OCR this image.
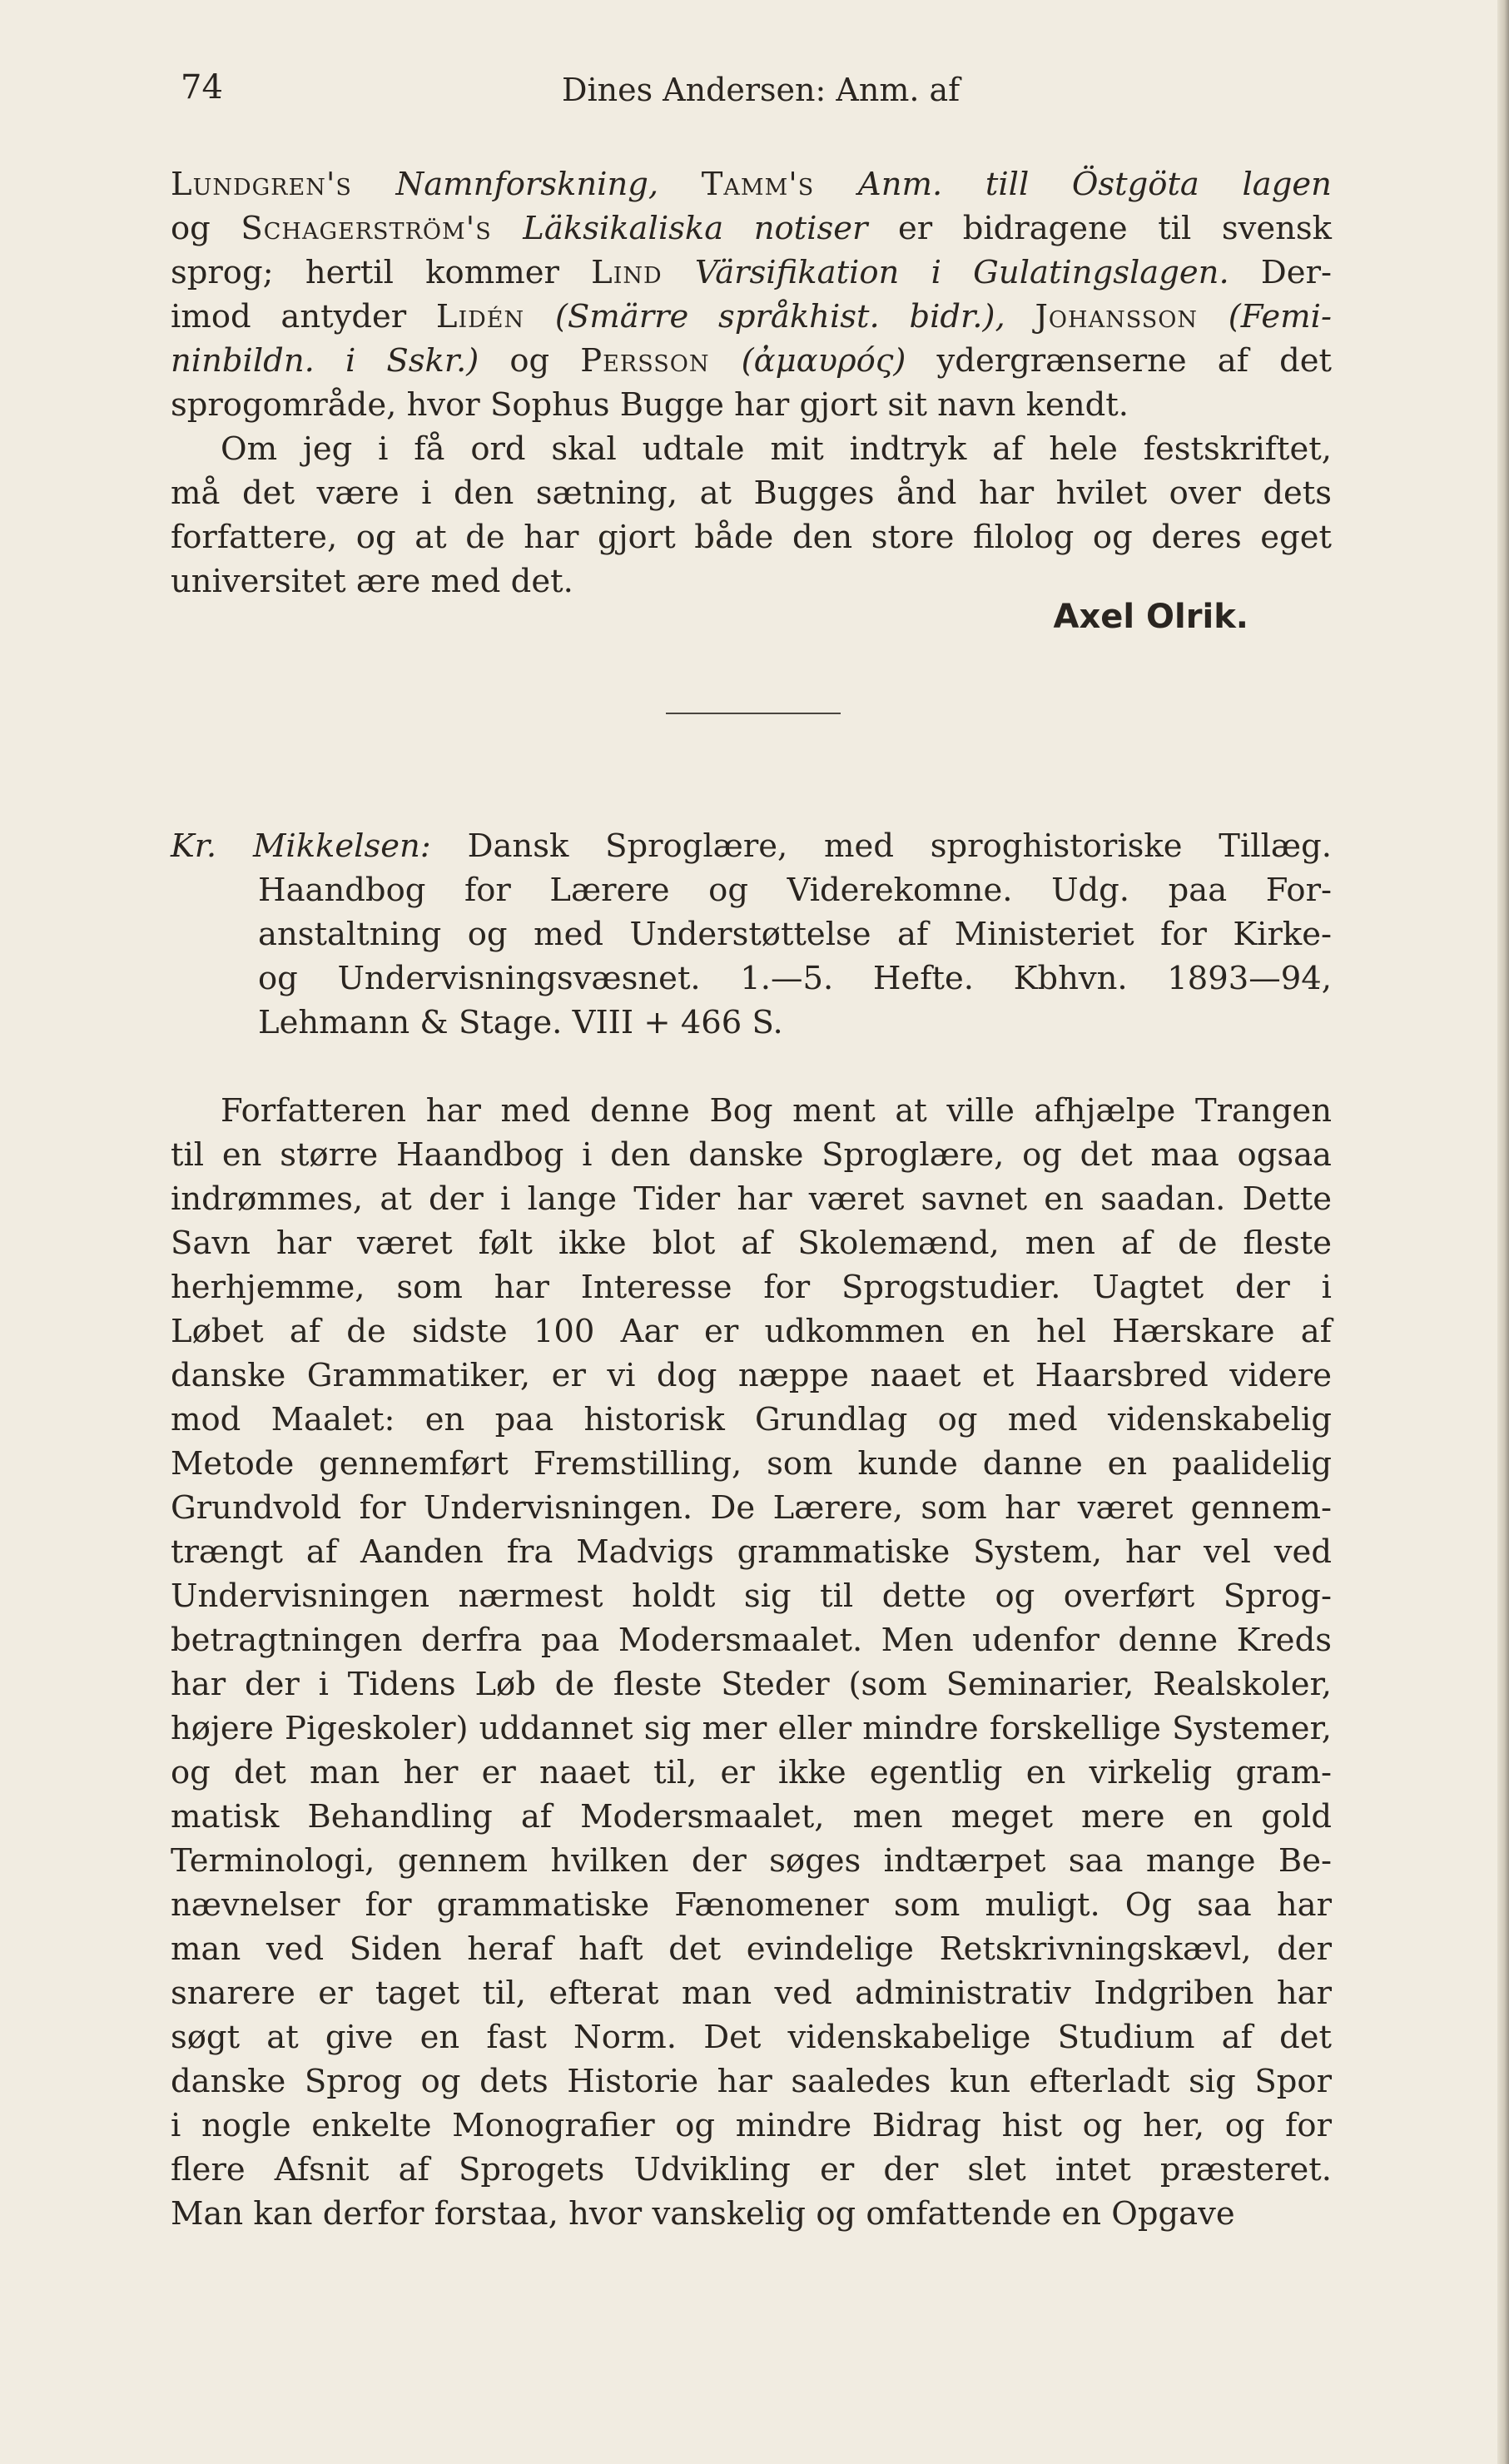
74	Dines Andersen: Anm. af
Lundgren's Namnforskning, Tamm's Anm. till Östgöta lagen
og Schagerström's Läksikaliska notiser er bidragene til svensk
sprog; hertil kommer Lind Värsifikation i Gulatingslagen. Der-
imod antyder Lidén (Smärre språkhist. bidr.), Johansson (Femi-
ninbildn. i Sskr.) og Persson (ἀμαυρός) ydergrænserne af det
sprogområde, hvor Sophus Bugge har gjort sit navn kendt.
Om jeg i få ord skal udtale mit indtryk af hele festskriftet,
må det være i den sætning, at Bugges ånd har hvilet over dets
forfattere, og at de har gjort både den store filolog og deres eget
universitet ære med det.
Axel Olrik.
Kr. Mikkelsen: Dansk Sproglære, med sproghistoriske Tillæg.
Haandbog for Lærere og Viderekomne. Udg. paa For-
anstaltning og med Understøttelse af Ministeriet for Kirke-
og Undervisningsvæsnet. 1.—5. Hefte. Kbhvn. 1893—94,
Lehmann & Stage. VIII + 466 S.
Forfatteren har med denne Bog ment at ville afhjælpe Trangen
til en større Haandbog i den danske Sproglære, og det maa ogsaa
indrømmes, at der i lange Tider har været savnet en saadan. Dette
Savn har været følt ikke blot af Skolemænd, men af de fleste
herhjemme, som har Interesse for Sprogstudier. Uagtet der i
Løbet af de sidste 100 Aar er udkommen en hel Hærskare af
danske Grammatiker, er vi dog næppe naaet et Haarsbred videre
mod Maalet: en paa historisk Grundlag og med videnskabelig
Metode gennemført Fremstilling, som kunde danne en paalidelig
Grundvold for Undervisningen. De Lærere, som har været gennem-
trængt af Aanden fra Madvigs grammatiske System, har vel ved
Undervisningen nærmest holdt sig til dette og overført Sprog-
betragtningen derfra paa Modersmaalet. Men udenfor denne Kreds
har der i Tidens Løb de fleste Steder (som Seminarier, Realskoler,
højere Pigeskoler) uddannet sig mer eller mindre forskellige Systemer,
og det man her er naaet til, er ikke egentlig en virkelig gram-
matisk Behandling af Modersmaalet, men meget mere en gold
Terminologi, gennem hvilken der søges indtærpet saa mange Be-
nævnelser for grammatiske Fænomener som muligt. Og saa har
man ved Siden heraf haft det evindelige Retskrivningskævl, der
snarere er taget til, efterat man ved administrativ Indgriben har
søgt at give en fast Norm. Det videnskabelige Studium af det
danske Sprog og dets Historie har saaledes kun efterladt sig Spor
i nogle enkelte Monografier og mindre Bidrag hist og her, og for
flere Afsnit af Sprogets Udvikling er der slet intet præsteret.
Man kan derfor forstaa, hvor vanskelig og omfattende en Opgave
